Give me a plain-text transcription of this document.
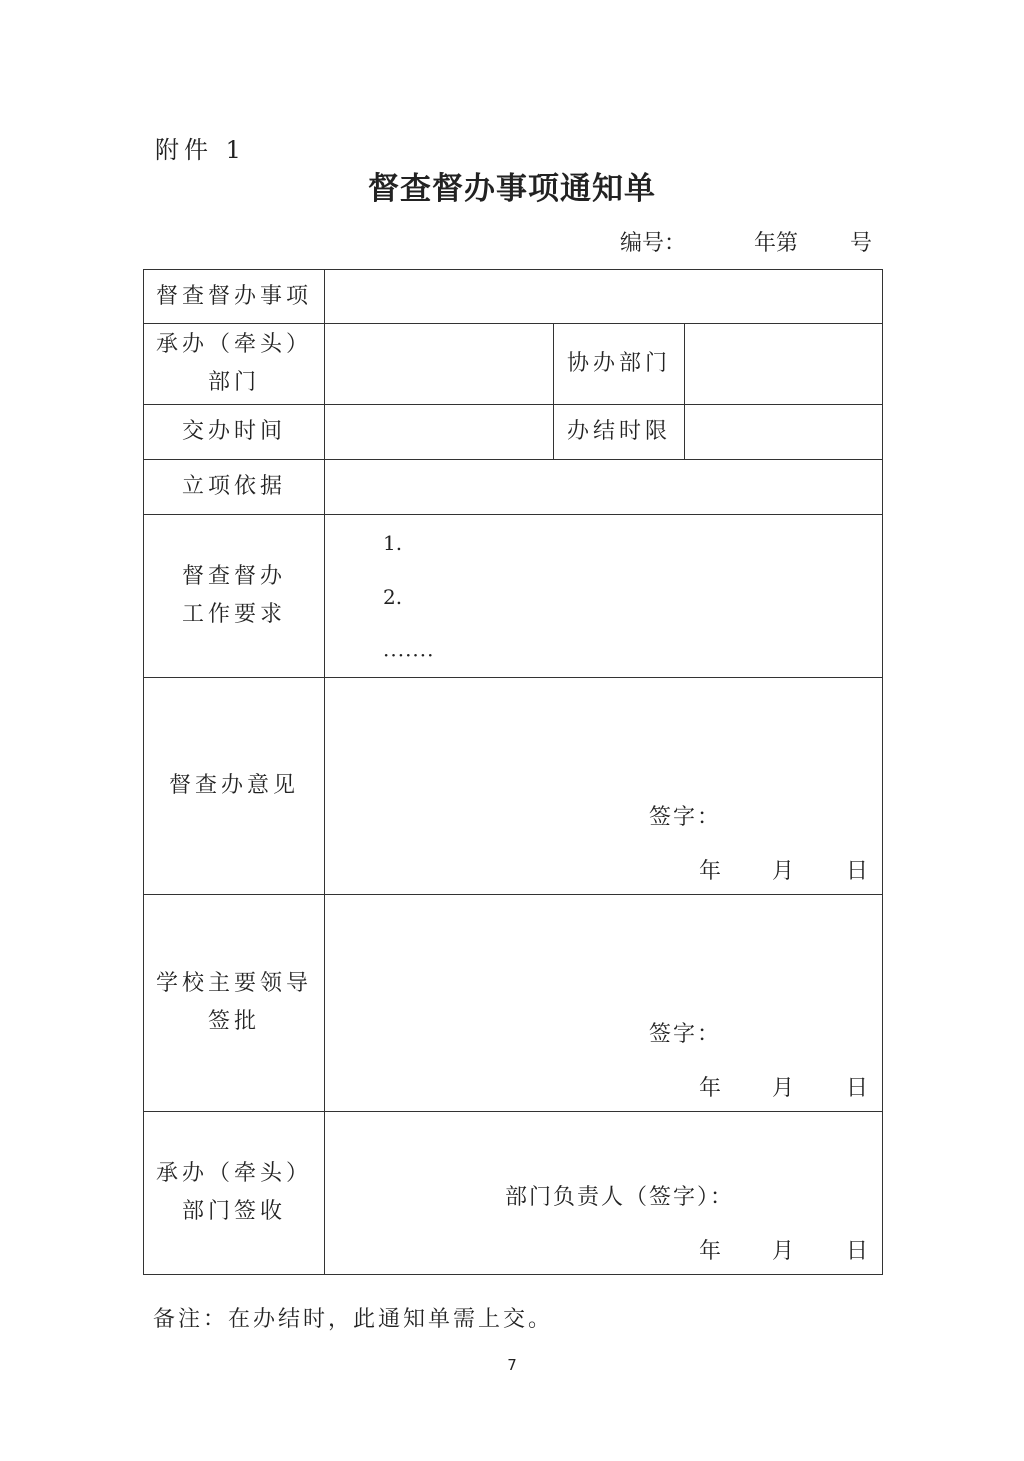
附件 1
督查督办事项通知单
编号：	年第 号
督查督办事项			

承办（牵头）
部门		协办部门	
交办时间		办结时限	
立项依据			

督查督办
工作要求	1.
2.
·······		

督查办意见	签字：
年 月 日		

学校主要领导
签批	签字：
年 月 日		

承办（牵头）
部门签收	部门负责人（签字）：
年 月 日		
备注：在办结时，此通知单需上交。
7
